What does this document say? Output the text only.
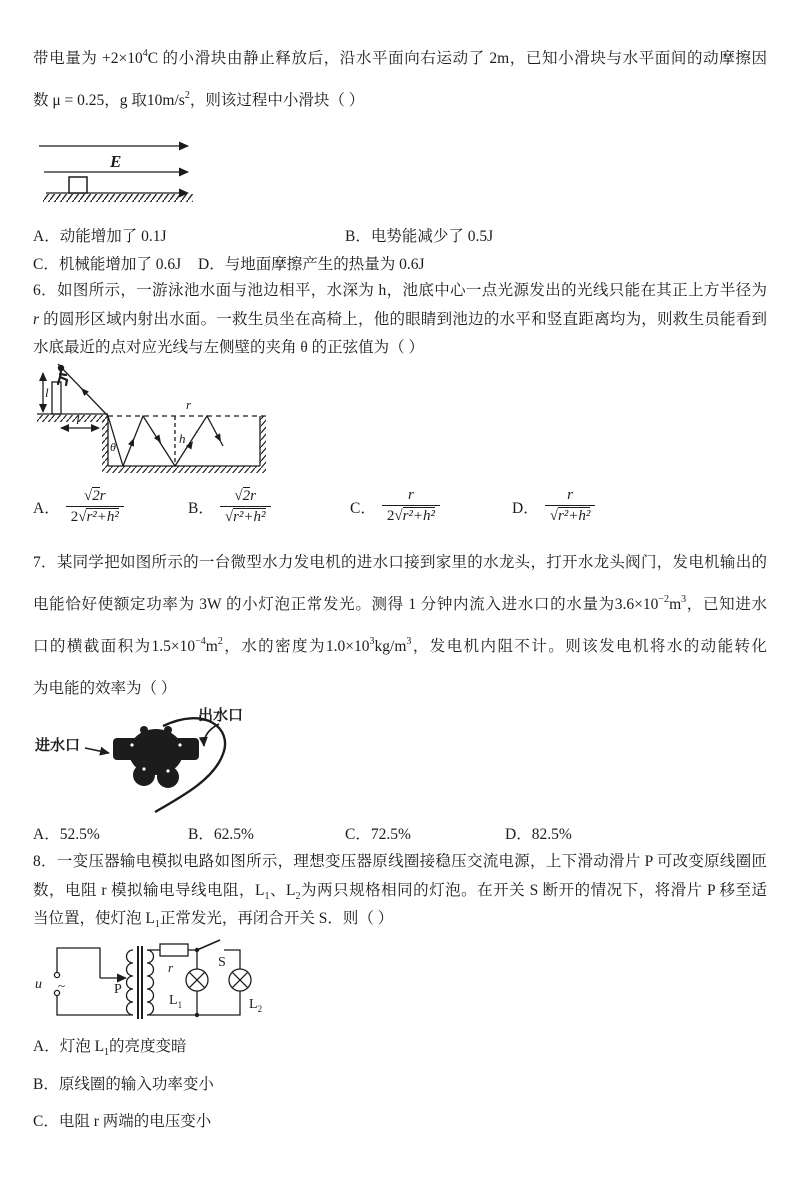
带电量为 $+2\times 10^4C$ 的小滑块由静止释放后，沿水平面向右运动了 2m，已知小滑块与水平面间的动摩擦因
数 μ = 0.25，g 取$10m/s^2$，则该过程中小滑块（ ）
E
A．动能增加了 0.1J	B．电势能减少了 0.5J
C．机械能增加了 0.6J D．与地面摩擦产生的热量为 0.6J
6．如图所示，一游泳池水面与池边相平，水深为 h，池底中心一点光源发出的光线只能在其正上方半径为
r 的圆形区域内射出水面。一救生员坐在高椅上，他的眼睛到池边的水平和竖直距离均为，则救生员能看到
水底最近的点对应光线与左侧壁的夹角 θ 的正弦值为（ ）
l
l
r
h
θ
A． $\frac{√ 2 r}{\text{2 √ r²+h²}}$	B． $\frac{√ 2 r}{\text{√ r²+h²}}$	C． $\frac{r}{\text{2 √ r²+h²}}$	D． $\frac{r}{\text{√ r²+h²}}$
7．某同学把如图所示的一台微型水力发电机的进水口接到家里的水龙头，打开水龙头阀门，发电机输出的
电能恰好使额定功率为 3W 的小灯泡正常发光。测得 1 分钟内流入进水口的水量为$3.6\times 10^{-2}m^3$，已知进水
口的横截面积为$1.5\times 10^{-4}m^2$，水的密度为$1.0\times 10^3kg/m^3$，发电机内阻不计。则该发电机将水的动能转化
为电能的效率为（ ）
进水口
出水口
A．52.5%	B．62.5%	C．72.5%	D．82.5%
8．一变压器输电模拟电路如图所示，理想变压器原线圈接稳压交流电源，上下滑动滑片 P 可改变原线圈匝
数，电阻 r 模拟输电导线电阻，$L_1$、$L_2$为两只规格相同的灯泡。在开关 S 断开的情况下，将滑片 P 移至适
当位置，使灯泡 $L_1$正常发光，再闭合开关 S．则（ ）
u ~	P
r	S
$L_1$	$L_2$
A．灯泡 $L_1$的亮度变暗
B．原线圈的输入功率变小
C．电阻 r 两端的电压变小
